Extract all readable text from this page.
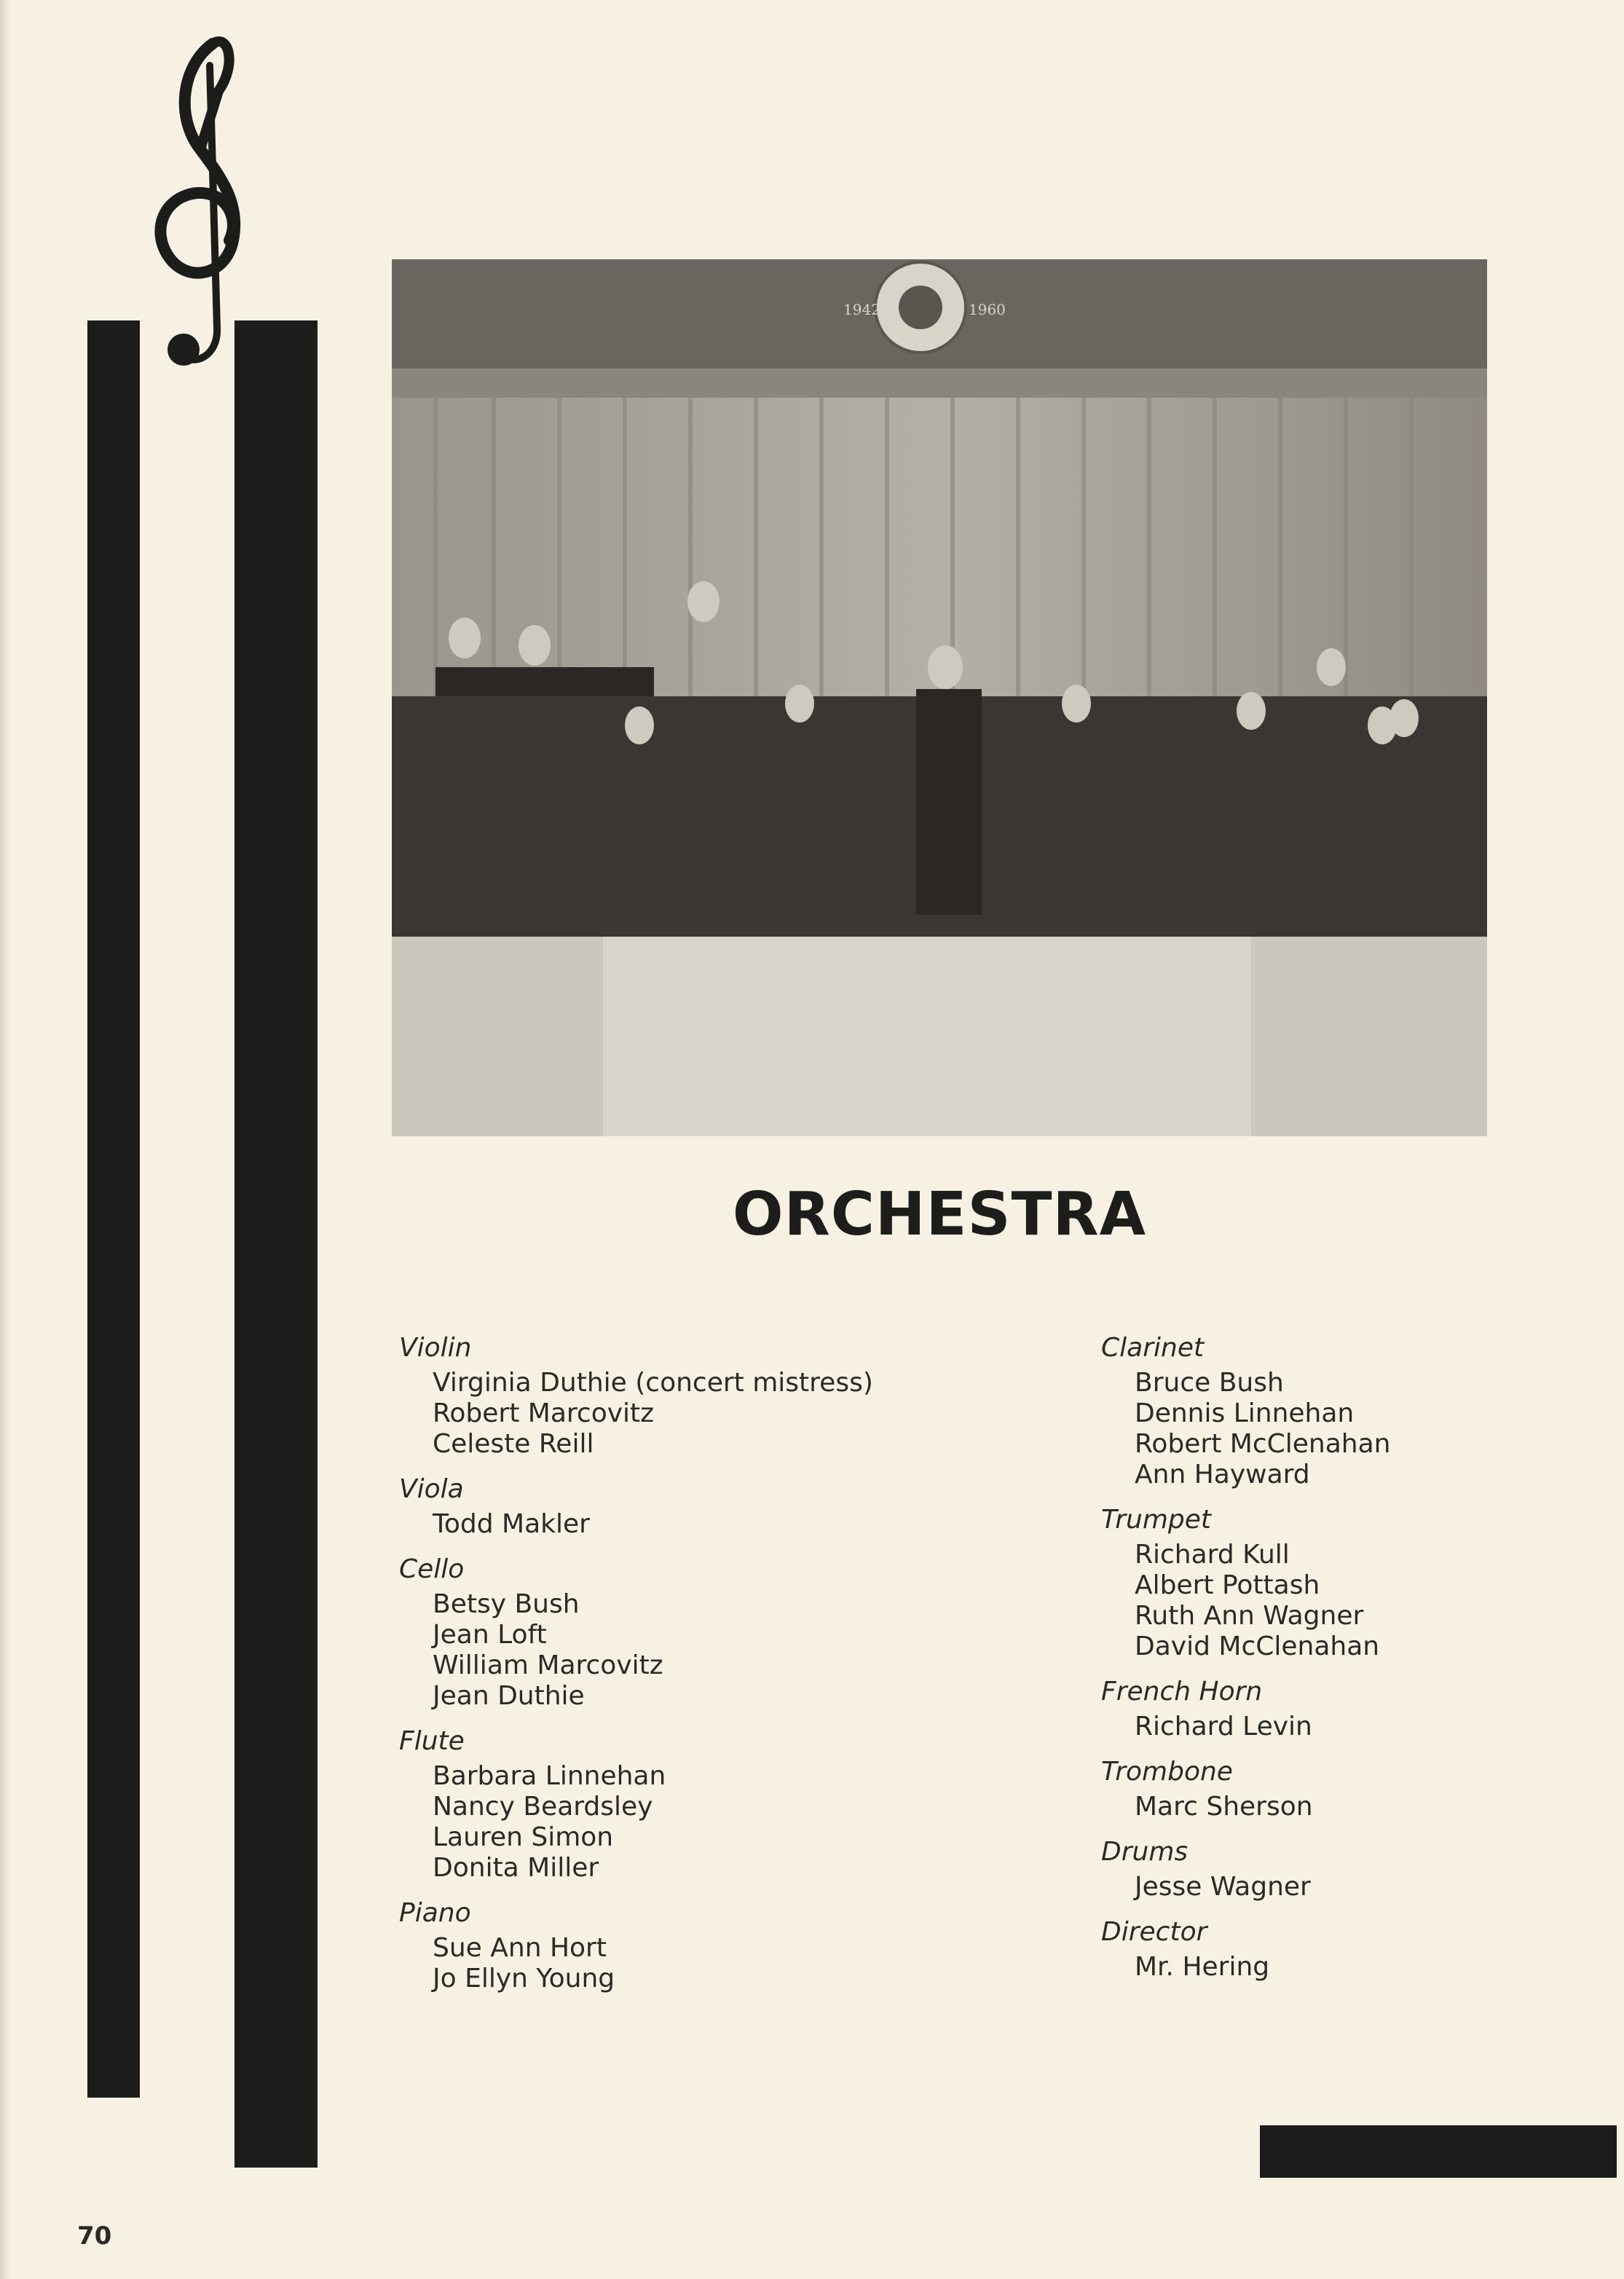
1942	1960
ORCHESTRA
Violin
Virginia Duthie (concert mistress)
Robert Marcovitz
Celeste Reill
Viola
Todd Makler
Cello
Betsy Bush
Jean Loft
William Marcovitz
Jean Duthie
Flute
Barbara Linnehan
Nancy Beardsley
Lauren Simon
Donita Miller
Piano
Sue Ann Hort
Jo Ellyn Young
Clarinet
Bruce Bush
Dennis Linnehan
Robert McClenahan
Ann Hayward
Trumpet
Richard Kull
Albert Pottash
Ruth Ann Wagner
David McClenahan
French Horn
Richard Levin
Trombone
Marc Sherson
Drums
Jesse Wagner
Director
Mr. Hering
70
